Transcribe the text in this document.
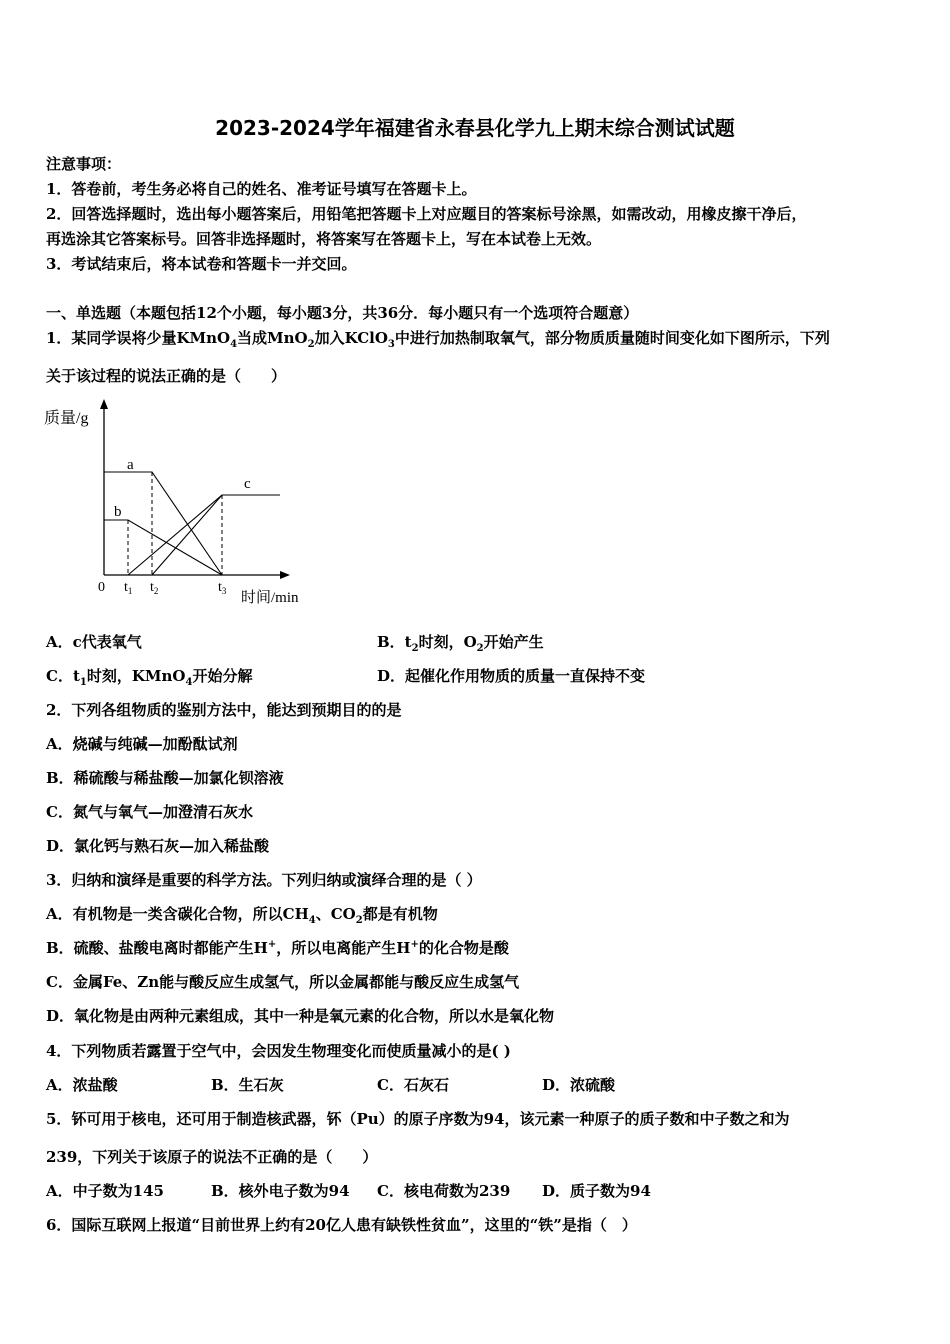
2023-2024学年福建省永春县化学九上期末综合测试试题
注意事项：
1．答卷前，考生务必将自己的姓名、准考证号填写在答题卡上。
2．回答选择题时，选出每小题答案后，用铅笔把答题卡上对应题目的答案标号涂黑，如需改动，用橡皮擦干净后，
再选涂其它答案标号。回答非选择题时，将答案写在答题卡上，写在本试卷上无效。
3．考试结束后，将本试卷和答题卡一并交回。
一、单选题（本题包括12个小题，每小题3分，共36分．每小题只有一个选项符合题意）
1．某同学误将少量KMnO$_4$当成MnO$_2$加入KClO$_3$中进行加热制取氧气，部分物质质量随时间变化如下图所示，下列
关于该过程的说法正确的是（　　）
质量/g
时间/min
a
b
c
0 $t_1$ $t_2$	$t_3$
A．c代表氧气	B．$t_2$时刻，$O_2$开始产生
C．$t_1$时刻，KMnO$_4$开始分解	D．起催化作用物质的质量一直保持不变
2．下列各组物质的鉴别方法中，能达到预期目的的是
A．烧碱与纯碱—加酚酞试剂
B．稀硫酸与稀盐酸—加氯化钡溶液
C．氮气与氧气—加澄清石灰水
D．氯化钙与熟石灰—加入稀盐酸
3．归纳和演绎是重要的科学方法。下列归纳或演绎合理的是（ ）
A．有机物是一类含碳化合物，所以$CH_4$、$CO_2$都是有机物
B．硫酸、盐酸电离时都能产生H+，所以电离能产生H+的化合物是酸
C．金属Fe、Zn能与酸反应生成氢气，所以金属都能与酸反应生成氢气
D．氧化物是由两种元素组成，其中一种是氧元素的化合物，所以水是氧化物
4．下列物质若露置于空气中，会因发生物理变化而使质量减小的是( )
A．浓盐酸	B．生石灰	C．石灰石	D．浓硫酸
5．钚可用于核电，还可用于制造核武器，钚（Pu）的原子序数为94，该元素一种原子的质子数和中子数之和为
239，下列关于该原子的说法不正确的是（　　）
A．中子数为145	B．核外电子数为94 C．核电荷数为239 D．质子数为94
6．国际互联网上报道“目前世界上约有20亿人患有缺铁性贫血”，这里的“铁”是指（　）
